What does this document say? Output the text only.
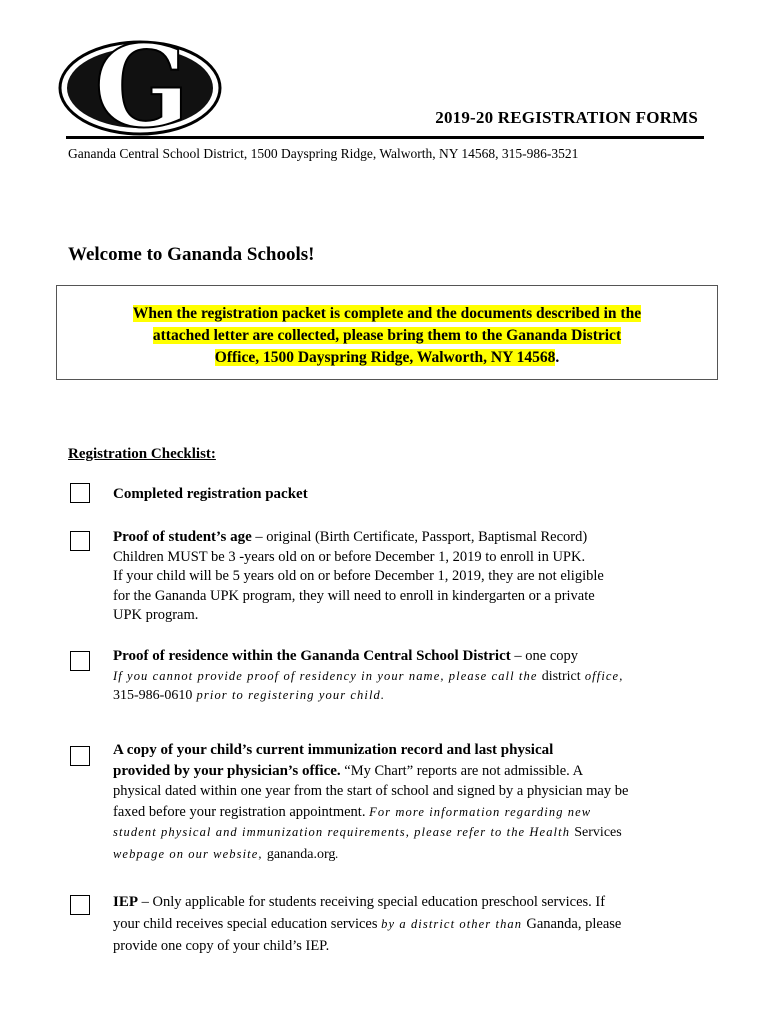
G	2019-20 REGISTRATION FORMS
Gananda Central School District, 1500 Dayspring Ridge, Walworth, NY 14568, 315-986-3521
Welcome to Gananda Schools!
When the registration packet is complete and the documents described in the
attached letter are collected, please bring them to the Gananda District
Office, 1500 Dayspring Ridge, Walworth, NY 14568.
Registration Checklist:
Completed registration packet
Proof of student’s age – original (Birth Certificate, Passport, Baptismal Record)
Children MUST be 3 -years old on or before December 1, 2019 to enroll in UPK.
If your child will be 5 years old on or before December 1, 2019, they are not eligible
for the Gananda UPK program, they will need to enroll in kindergarten or a private
UPK program.
Proof of residence within the Gananda Central School District – one copy
If you cannot provide proof of residency in your name, please call the district office,
315-986-0610 prior to registering your child.
A copy of your child’s current immunization record and last physical
provided by your physician’s office. “My Chart” reports are not admissible. A
physical dated within one year from the start of school and signed by a physician may be
faxed before your registration appointment. For more information regarding new
student physical and immunization requirements, please refer to the Health Services
webpage on our website, gananda.org.
IEP – Only applicable for students receiving special education preschool services. If
your child receives special education services by a district other than Gananda, please
provide one copy of your child’s IEP.
